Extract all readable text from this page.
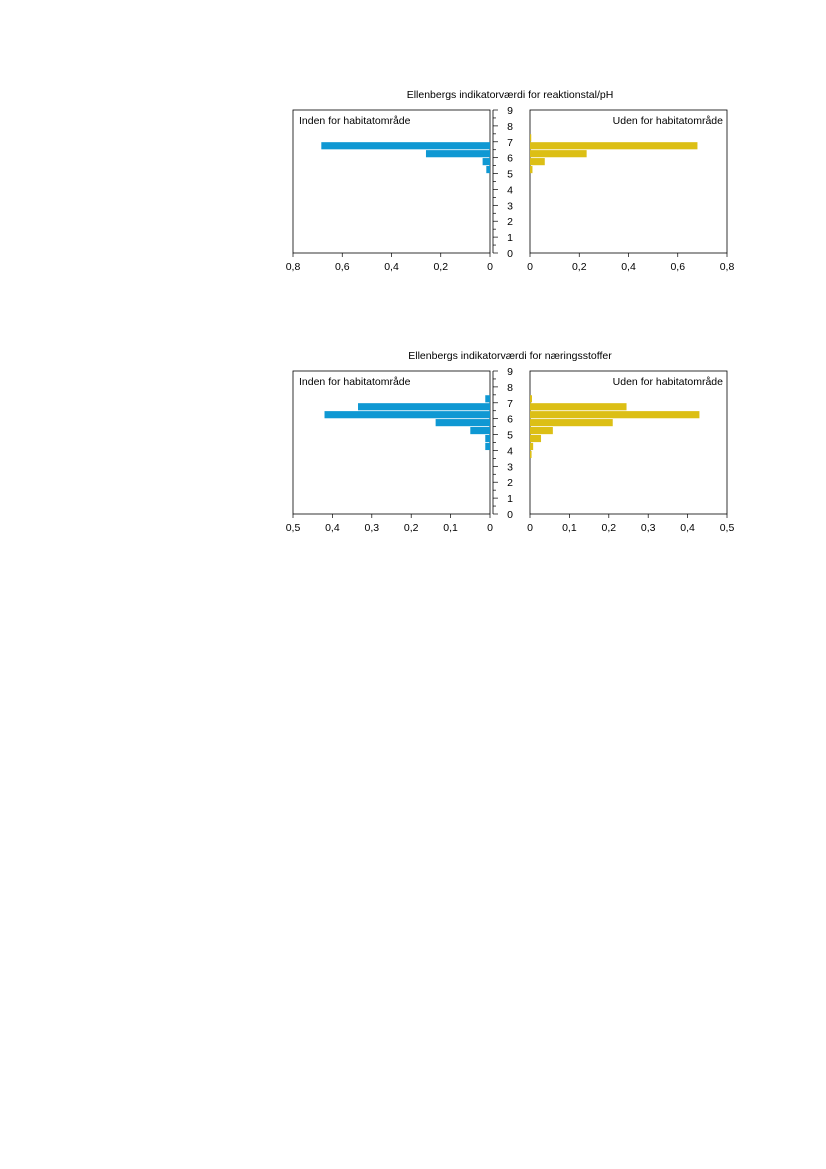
Ellenbergs indikatorværdi for reaktionstal/pH
Inden for habitatområde	Uden for habitatområde
0
1
2
3
4
5
6
7
8
9
0,8	0,6	0,4	0,2	0	0	0,2	0,4	0,6	0,8
Ellenbergs indikatorværdi for næringsstoffer
Inden for habitatområde	Uden for habitatområde
0
1
2
3
4
5
6
7
8
9
0,5 0,4 0,3 0,2 0,1	0	0	0,1 0,2 0,3 0,4 0,5
